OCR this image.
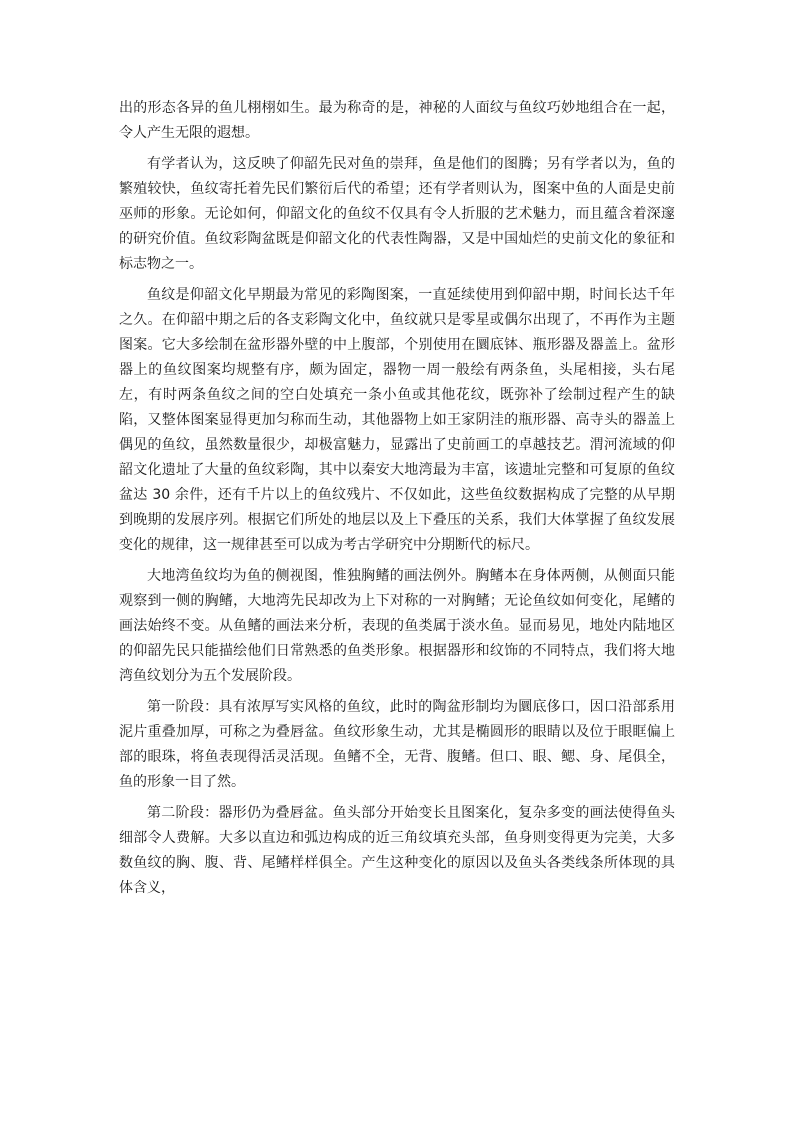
出的形态各异的鱼儿栩栩如生。最为称奇的是，神秘的人面纹与鱼纹巧妙地组合在一起，令人产生无限的遐想。

有学者认为，这反映了仰韶先民对鱼的崇拜，鱼是他们的图腾；另有学者以为，鱼的繁殖较快，鱼纹寄托着先民们繁衍后代的希望；还有学者则认为，图案中鱼的人面是史前巫师的形象。无论如何，仰韶文化的鱼纹不仅具有令人折服的艺术魅力，而且蕴含着深邃的研究价值。鱼纹彩陶盆既是仰韶文化的代表性陶器，又是中国灿烂的史前文化的象征和标志物之一。

鱼纹是仰韶文化早期最为常见的彩陶图案，一直延续使用到仰韶中期，时间长达千年之久。在仰韶中期之后的各支彩陶文化中，鱼纹就只是零星或偶尔出现了，不再作为主题图案。它大多绘制在盆形器外壁的中上腹部，个别使用在圜底钵、瓶形器及器盖上。盆形器上的鱼纹图案均规整有序，颇为固定，器物一周一般绘有两条鱼，头尾相接，头右尾左，有时两条鱼纹之间的空白处填充一条小鱼或其他花纹，既弥补了绘制过程产生的缺陷，又整体图案显得更加匀称而生动，其他器物上如王家阴洼的瓶形器、高寺头的器盖上偶见的鱼纹，虽然数量很少，却极富魅力，显露出了史前画工的卓越技艺。渭河流域的仰韶文化遗址了大量的鱼纹彩陶，其中以秦安大地湾最为丰富，该遗址完整和可复原的鱼纹盆达 30 余件，还有千片以上的鱼纹残片、不仅如此，这些鱼纹数据构成了完整的从早期到晚期的发展序列。根据它们所处的地层以及上下叠压的关系，我们大体掌握了鱼纹发展变化的规律，这一规律甚至可以成为考古学研究中分期断代的标尺。

大地湾鱼纹均为鱼的侧视图，惟独胸鳍的画法例外。胸鳍本在身体两侧，从侧面只能观察到一侧的胸鳍，大地湾先民却改为上下对称的一对胸鳍；无论鱼纹如何变化，尾鳍的画法始终不变。从鱼鳍的画法来分析，表现的鱼类属于淡水鱼。显而易见，地处内陆地区的仰韶先民只能描绘他们日常熟悉的鱼类形象。根据器形和纹饰的不同特点，我们将大地湾鱼纹划分为五个发展阶段。

第一阶段：具有浓厚写实风格的鱼纹，此时的陶盆形制均为圜底侈口，因口沿部系用泥片重叠加厚，可称之为叠唇盆。鱼纹形象生动，尤其是椭圆形的眼睛以及位于眼眶偏上部的眼珠，将鱼表现得活灵活现。鱼鳍不全，无背、腹鳍。但口、眼、鳃、身、尾俱全，鱼的形象一目了然。

第二阶段：器形仍为叠唇盆。鱼头部分开始变长且图案化，复杂多变的画法使得鱼头细部令人费解。大多以直边和弧边构成的近三角纹填充头部，鱼身则变得更为完美，大多数鱼纹的胸、腹、背、尾鳍样样俱全。产生这种变化的原因以及鱼头各类线条所体现的具体含义，
